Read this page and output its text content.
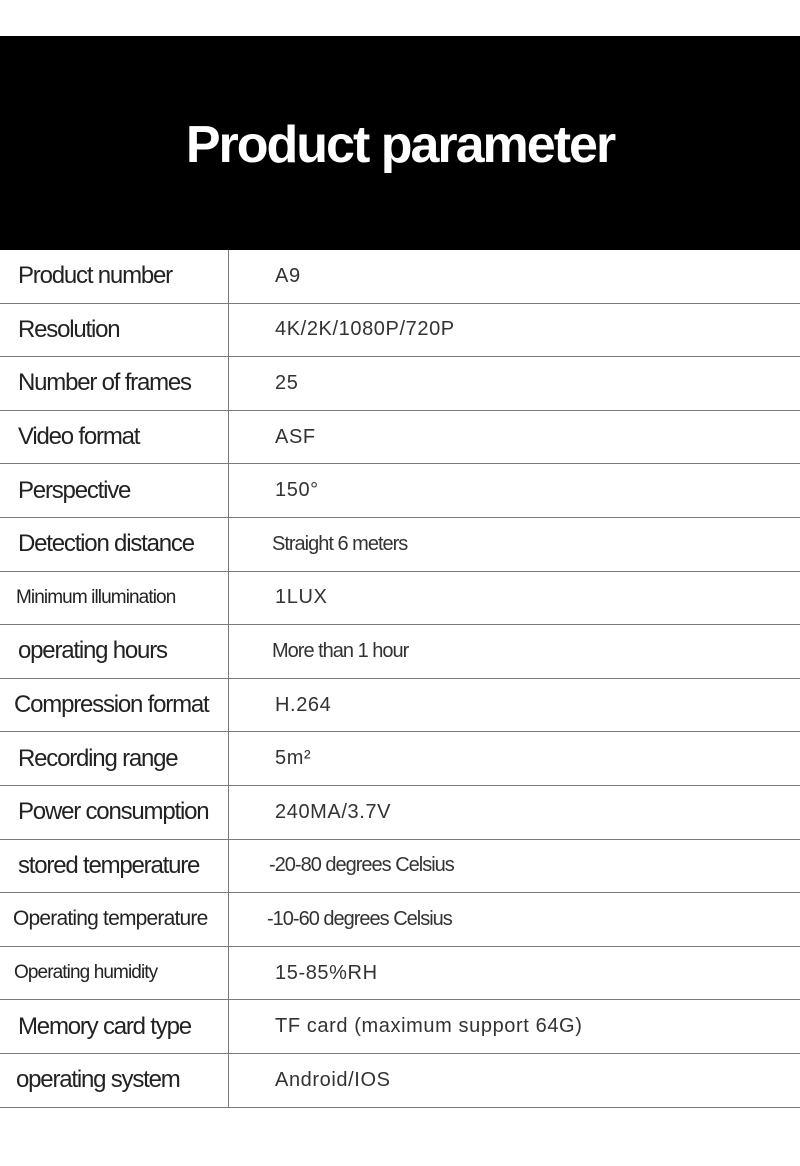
Product parameter
Product number	A9
Resolution	4K/2K/1080P/720P
Number of frames	25
Video format	ASF
Perspective	150°
Detection distance	Straight 6 meters
Minimum illumination	1LUX
operating hours	More than 1 hour
Compression format	H.264
Recording range	5m²
Power consumption	240MA/3.7V
stored temperature	-20-80 degrees Celsius
Operating temperature	-10-60 degrees Celsius
Operating humidity	15-85%RH
Memory card type	TF card (maximum support 64G)
operating system	Android/IOS
